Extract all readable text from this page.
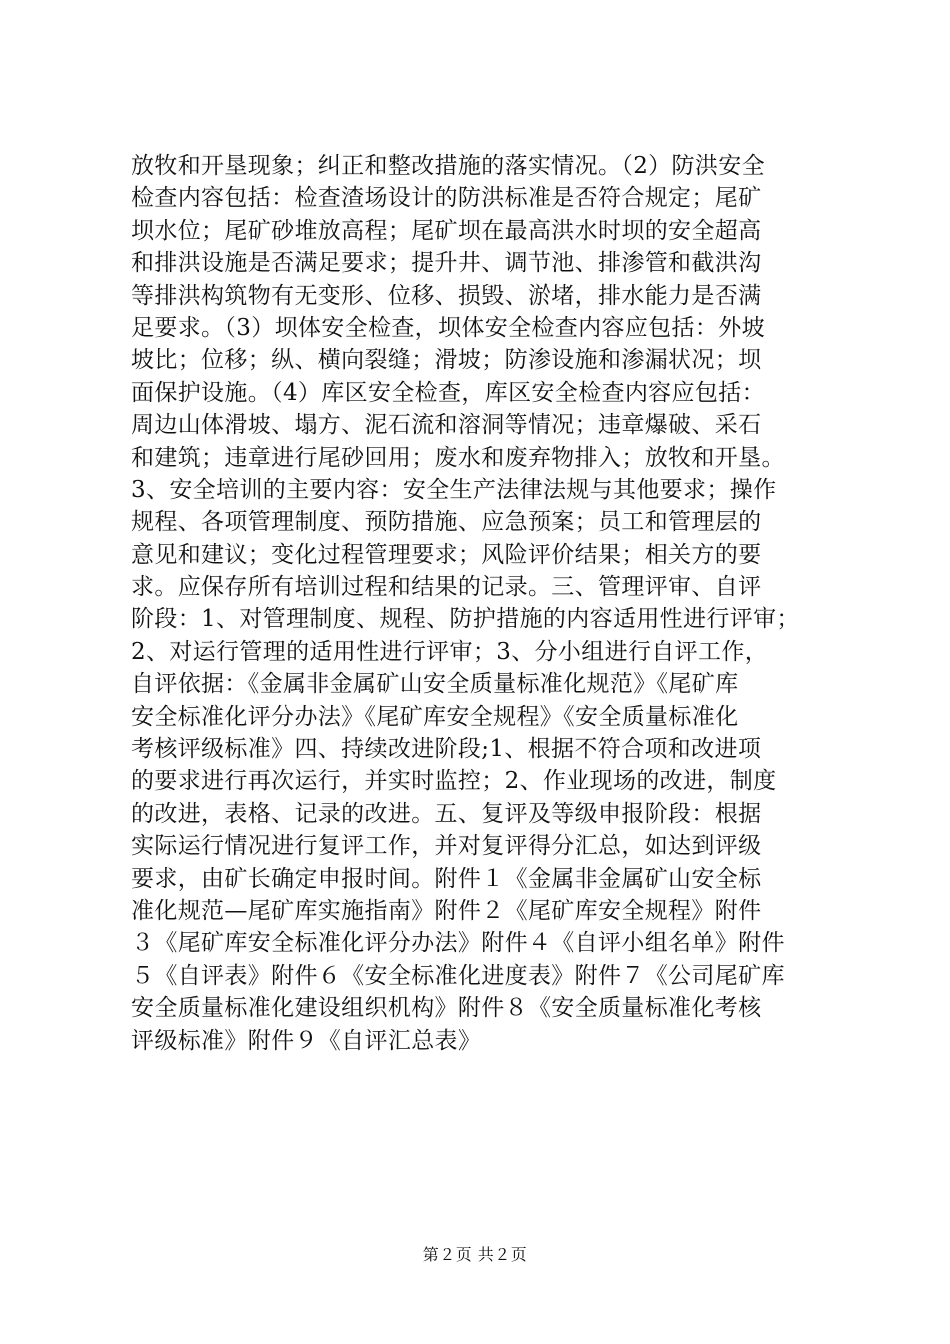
放牧和开垦现象；纠正和整改措施的落实情况。（2）防洪安全
检查内容包括：检查渣场设计的防洪标准是否符合规定；尾矿
坝水位；尾矿砂堆放高程；尾矿坝在最高洪水时坝的安全超高
和排洪设施是否满足要求；提升井、调节池、排渗管和截洪沟
等排洪构筑物有无变形、位移、损毁、淤堵，排水能力是否满
足要求。（3）坝体安全检查，坝体安全检查内容应包括：外坡
坡比；位移；纵、横向裂缝；滑坡；防渗设施和渗漏状况；坝
面保护设施。（4）库区安全检查，库区安全检查内容应包括：
周边山体滑坡、塌方、泥石流和溶洞等情况；违章爆破、采石
和建筑；违章进行尾砂回用；废水和废弃物排入；放牧和开垦。
3、安全培训的主要内容：安全生产法律法规与其他要求；操作
规程、各项管理制度、预防措施、应急预案；员工和管理层的
意见和建议；变化过程管理要求；风险评价结果；相关方的要
求。应保存所有培训过程和结果的记录。三、管理评审、自评
阶段：1、对管理制度、规程、防护措施的内容适用性进行评审；
2、对运行管理的适用性进行评审；3、分小组进行自评工作，
自评依据：《金属非金属矿山安全质量标准化规范》《尾矿库
安全标准化评分办法》《尾矿库安全规程》《安全质量标准化
考核评级标准》四、持续改进阶段;1、根据不符合项和改进项
的要求进行再次运行，并实时监控；2、作业现场的改进，制度
的改进，表格、记录的改进。五、复评及等级申报阶段：根据
实际运行情况进行复评工作，并对复评得分汇总，如达到评级
要求，由矿长确定申报时间。附件１《金属非金属矿山安全标
准化规范—尾矿库实施指南》附件２《尾矿库安全规程》附件
３《尾矿库安全标准化评分办法》附件４《自评小组名单》附件
５《自评表》附件６《安全标准化进度表》附件７《公司尾矿库
安全质量标准化建设组织机构》附件８《安全质量标准化考核
评级标准》附件９《自评汇总表》
第２页 共２页
